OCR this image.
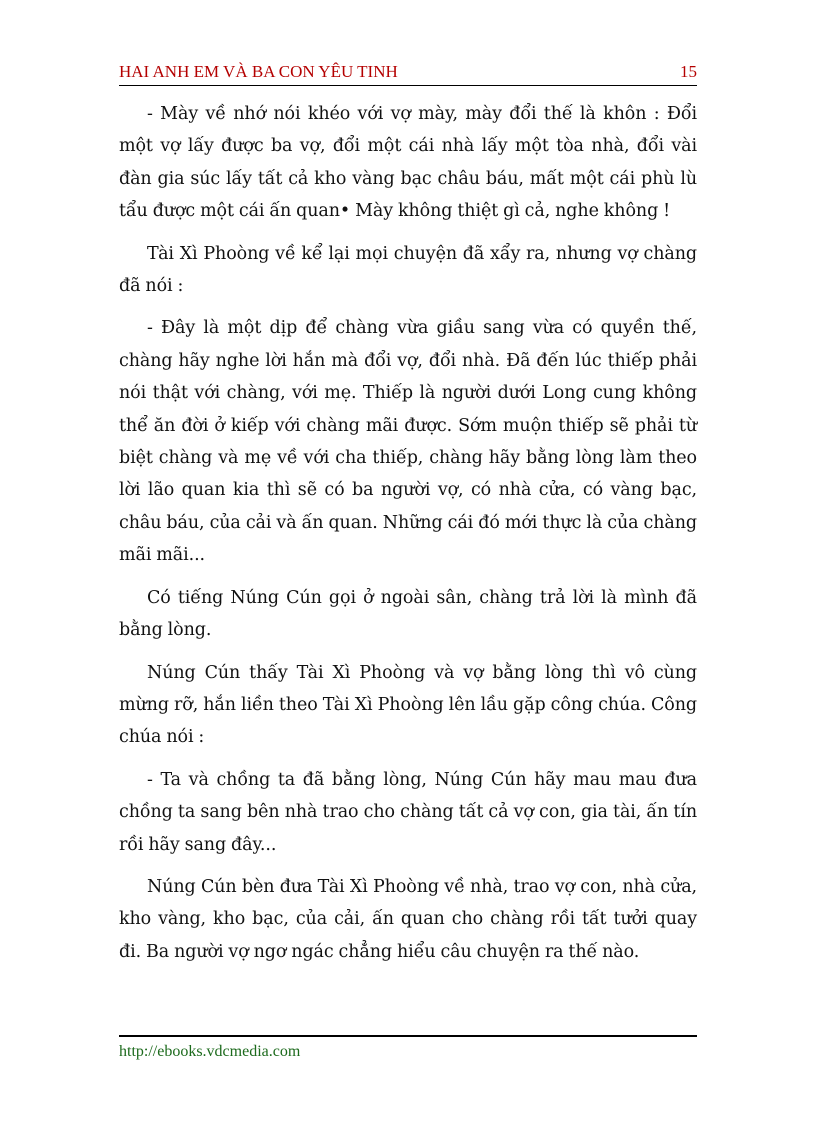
HAI ANH EM VÀ BA CON YÊU TINH	15

- Mày về nhớ nói khéo với vợ mày, mày đổi thế là khôn : Đổi một vợ lấy được ba vợ, đổi một cái nhà lấy một tòa nhà, đổi vài đàn gia súc lấy tất cả kho vàng bạc châu báu, mất một cái phù lù tẩu được một cái ấn quan• Mày không thiệt gì cả, nghe không !

Tài Xì Phoòng về kể lại mọi chuyện đã xẩy ra, nhưng vợ chàng đã nói :

- Đây là một dịp để chàng vừa giầu sang vừa có quyền thế, chàng hãy nghe lời hắn mà đổi vợ, đổi nhà. Đã đến lúc thiếp phải nói thật với chàng, với mẹ. Thiếp là người dưới Long cung không thể ăn đời ở kiếp với chàng mãi được. Sớm muộn thiếp sẽ phải từ biệt chàng và mẹ về với cha thiếp, chàng hãy bằng lòng làm theo lời lão quan kia thì sẽ có ba người vợ, có nhà cửa, có vàng bạc, châu báu, của cải và ấn quan. Những cái đó mới thực là của chàng mãi mãi...

Có tiếng Núng Cún gọi ở ngoài sân, chàng trả lời là mình đã bằng lòng.

Núng Cún thấy Tài Xì Phoòng và vợ bằng lòng thì vô cùng mừng rỡ, hắn liền theo Tài Xì Phoòng lên lầu gặp công chúa. Công chúa nói :

- Ta và chồng ta đã bằng lòng, Núng Cún hãy mau mau đưa chồng ta sang bên nhà trao cho chàng tất cả vợ con, gia tài, ấn tín rồi hãy sang đây...

Núng Cún bèn đưa Tài Xì Phoòng về nhà, trao vợ con, nhà cửa, kho vàng, kho bạc, của cải, ấn quan cho chàng rồi tất tưởi quay đi. Ba người vợ ngơ ngác chẳng hiểu câu chuyện ra thế nào.

http://ebooks.vdcmedia.com
